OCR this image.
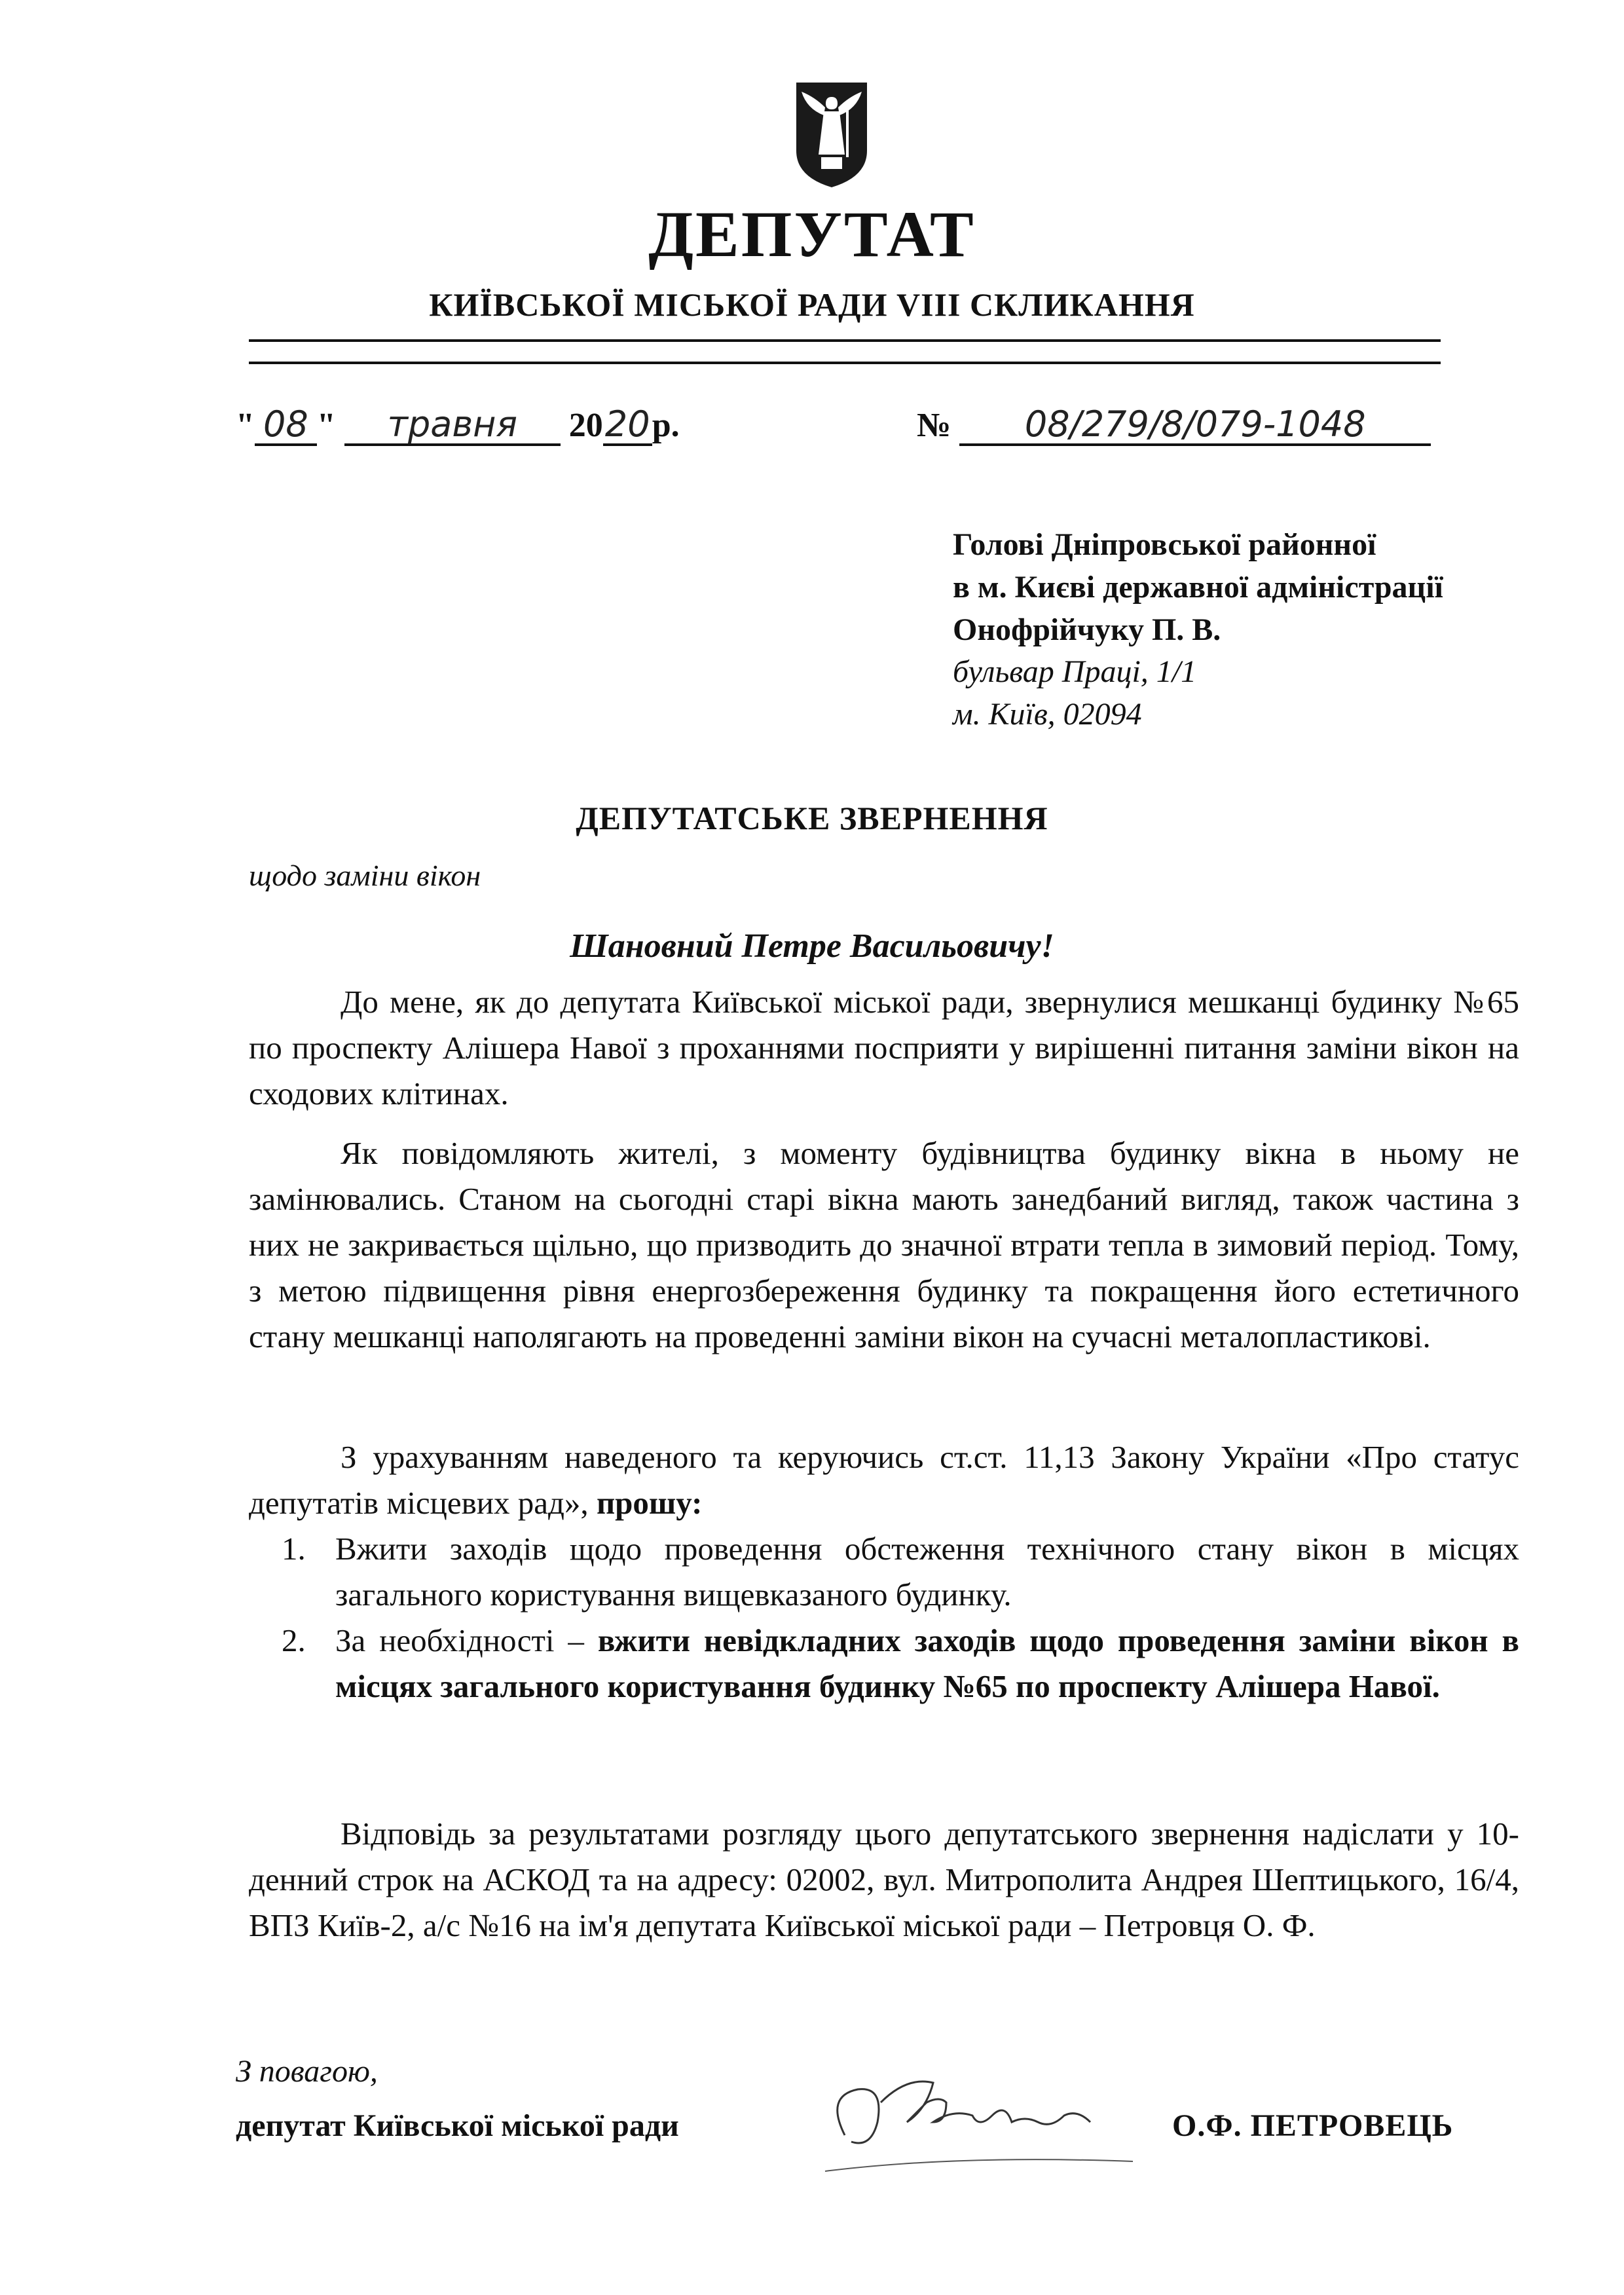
ДЕПУТАТ
КИЇВСЬКОЇ МІСЬКОЇ РАДИ VIII СКЛИКАННЯ
" 08 " травня 2020р.	№ 08/279/8/079-1048
Голові Дніпровської районної
в м. Києві державної адміністрації
Онофрійчуку П. В.
бульвар Праці, 1/1
м. Київ, 02094
ДЕПУТАТСЬКЕ ЗВЕРНЕННЯ
щодо заміни вікон
Шановний Петре Васильовичу!
До мене, як до депутата Київської міської ради, звернулися мешканці будинку №65 по проспекту Алішера Навої з проханнями посприяти у вирішенні питання заміни вікон на сходових клітинах.
Як повідомляють жителі, з моменту будівництва будинку вікна в ньому не замінювались. Станом на сьогодні старі вікна мають занедбаний вигляд, також частина з них не закривається щільно, що призводить до значної втрати тепла в зимовий період. Тому, з метою підвищення рівня енергозбереження будинку та покращення його естетичного стану мешканці наполягають на проведенні заміни вікон на сучасні металопластикові.
З урахуванням наведеного та керуючись ст.ст. 11,13 Закону України «Про статус депутатів місцевих рад», прошу:
1. Вжити заходів щодо проведення обстеження технічного стану вікон в місцях загального користування вищевказаного будинку.
2. За необхідності – вжити невідкладних заходів щодо проведення заміни вікон в місцях загального користування будинку №65 по проспекту Алішера Навої.
Відповідь за результатами розгляду цього депутатського звернення надіслати у 10-денний строк на АСКОД та на адресу: 02002, вул. Митрополита Андрея Шептицького, 16/4, ВПЗ Київ-2, а/с №16 на ім'я депутата Київської міської ради – Петровця О. Ф.
З повагою,
депутат Київської міської ради	О.Ф. ПЕТРОВЕЦЬ
